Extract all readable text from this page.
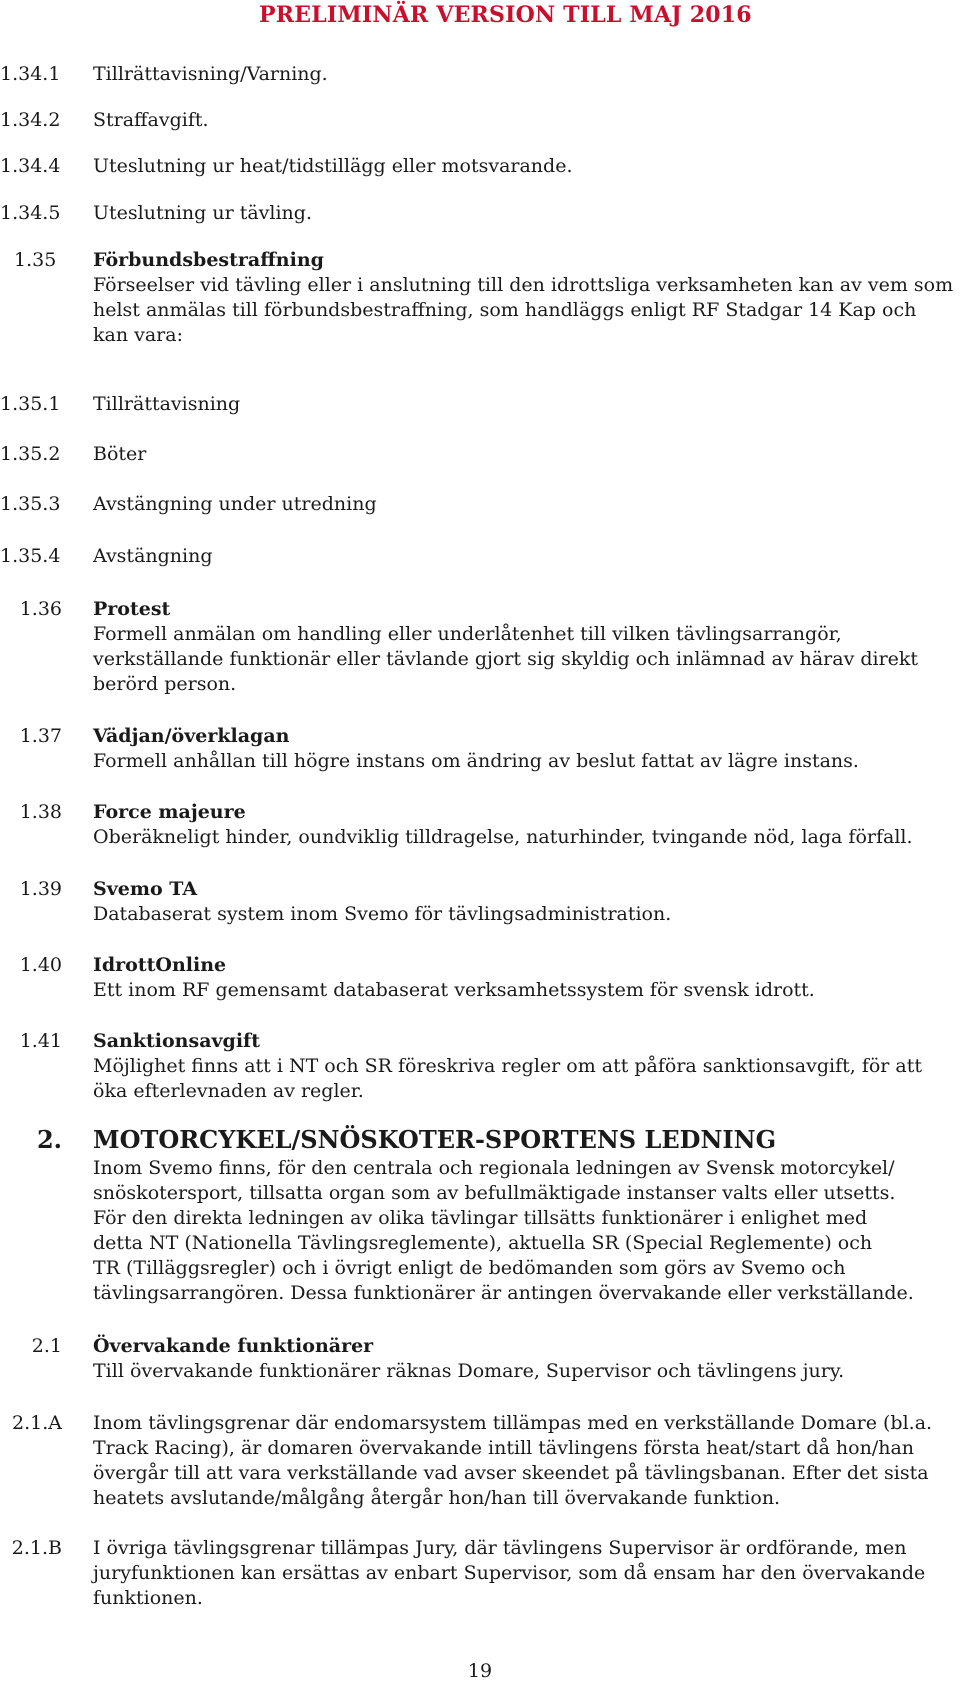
PRELIMINÄR VERSION TILL MAJ 2016
1.34.1	Tillrättavisning/Varning.
1.34.2	Straffavgift.
1.34.4	Uteslutning ur heat/tidstillägg eller motsvarande.
1.34.5	Uteslutning ur tävling.
1.35	Förbundsbestraffning
Förseelser vid tävling eller i anslutning till den idrottsliga verksamheten kan av vem som
helst anmälas till förbundsbestraffning, som handläggs enligt RF Stadgar 14 Kap och
kan vara:
1.35.1	Tillrättavisning
1.35.2	Böter
1.35.3	Avstängning under utredning
1.35.4	Avstängning
1.36 Protest
Formell anmälan om handling eller underlåtenhet till vilken tävlingsarrangör,
verkställande funktionär eller tävlande gjort sig skyldig och inlämnad av härav direkt
berörd person.
1.37 Vädjan/överklagan
Formell anhållan till högre instans om ändring av beslut fattat av lägre instans.
1.38 Force majeure
Oberäkneligt hinder, oundviklig tilldragelse, naturhinder, tvingande nöd, laga förfall.
1.39 Svemo TA
Databaserat system inom Svemo för tävlingsadministration.
1.40 IdrottOnline
Ett inom RF gemensamt databaserat verksamhetssystem för svensk idrott.
1.41 Sanktionsavgift
Möjlighet finns att i NT och SR föreskriva regler om att påföra sanktionsavgift, för att
öka efterlevnaden av regler.
2. MOTORCYKEL/SNÖSKOTER-SPORTENS LEDNING
Inom Svemo finns, för den centrala och regionala ledningen av Svensk motorcykel/
snöskotersport, tillsatta organ som av befullmäktigade instanser valts eller utsetts.
För den direkta ledningen av olika tävlingar tillsätts funktionärer i enlighet med
detta NT (Nationella Tävlingsreglemente), aktuella SR (Special Reglemente) och
TR (Tilläggsregler) och i övrigt enligt de bedömanden som görs av Svemo och
tävlingsarrangören. Dessa funktionärer är antingen övervakande eller verkställande.
2.1 Övervakande funktionärer
Till övervakande funktionärer räknas Domare, Supervisor och tävlingens jury.
2.1.A Inom tävlingsgrenar där endomarsystem tillämpas med en verkställande Domare (bl.a.
Track Racing), är domaren övervakande intill tävlingens första heat/start då hon/han
övergår till att vara verkställande vad avser skeendet på tävlingsbanan. Efter det sista
heatets avslutande/målgång återgår hon/han till övervakande funktion.
2.1.B I övriga tävlingsgrenar tillämpas Jury, där tävlingens Supervisor är ordförande, men
juryfunktionen kan ersättas av enbart Supervisor, som då ensam har den övervakande
funktionen.
19
